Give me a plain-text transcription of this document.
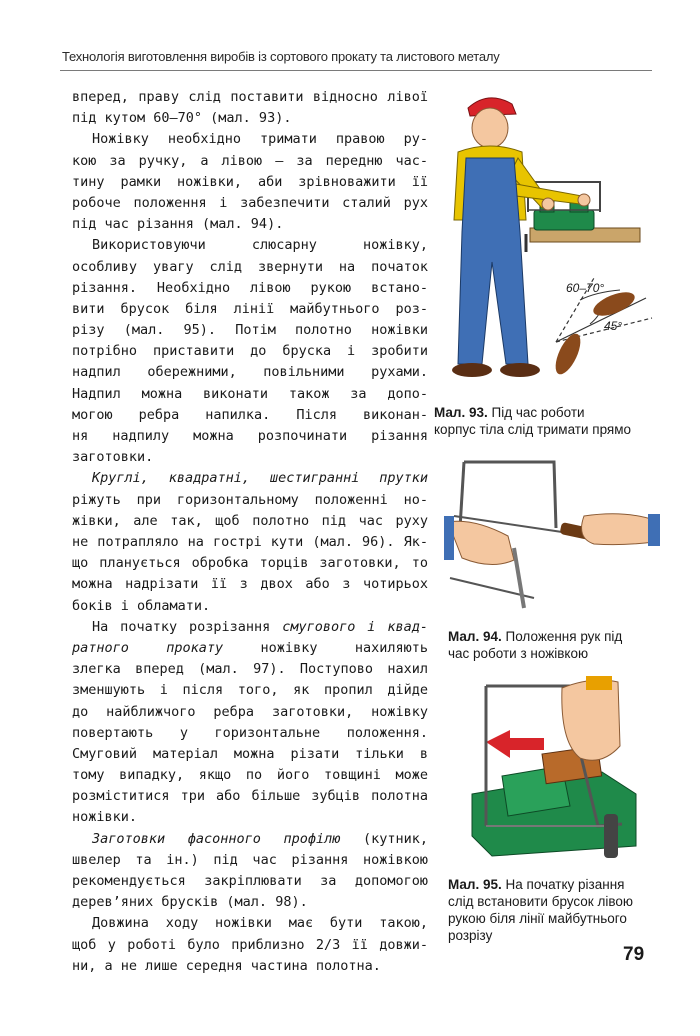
Технологія виготовлення виробів із сортового прокату та листового металу
вперед, праву слід поставити відносно лівої
під кутом 60–70° (мал. 93).
Ножівку необхідно тримати правою ру-
кою за ручку, а лівою — за передню час-
тину рамки ножівки, аби зрівноважити її
робоче положення і забезпечити сталий рух
під час різання (мал. 94).
Використовуючи слюсарну ножівку,
особливу увагу слід звернути на початок
різання. Необхідно лівою рукою встано-
вити брусок біля лінії майбутнього роз-
різу (мал. 95). Потім полотно ножівки
потрібно приставити до бруска і зробити
надпил обережними, повільними рухами.
Надпил можна виконати також за допо-
могою ребра напилка. Після виконан-
ня надпилу можна розпочинати різання
заготовки.
Круглі, квадратні, шестигранні прутки
ріжуть при горизонтальному положенні но-
жівки, але так, щоб полотно під час руху
не потрапляло на гострі кути (мал. 96). Як-
що планується обробка торців заготовки, то
можна надрізати її з двох або з чотирьох
боків і обламати.
На початку розрізання смугового і квад-
ратного прокату ножівку нахиляють
злегка вперед (мал. 97). Поступово нахил
зменшують і після того, як пропил дійде
до найближчого ребра заготовки, ножівку
повертають у горизонтальне положення.
Смуговий матеріал можна різати тільки в
тому випадку, якщо по його товщині може
розміститися три або більше зубців полотна
ножівки.
Заготовки фасонного профілю (кутник,
швелер та ін.) під час різання ножівкою
рекомендується закріплювати за допомогою
дерев’яних брусків (мал. 98).
Довжина ходу ножівки має бути такою,
щоб у роботі було приблизно 2/3 її довжи-
ни, а не лише середня частина полотна.
60–70°
45°
Мал. 93. Під час роботи
корпус тіла слід тримати прямо
Мал. 94. Положення рук під
час роботи з ножівкою
Мал. 95. На початку різання
слід встановити брусок лівою
рукою біля лінії майбутнього
розрізу
79
